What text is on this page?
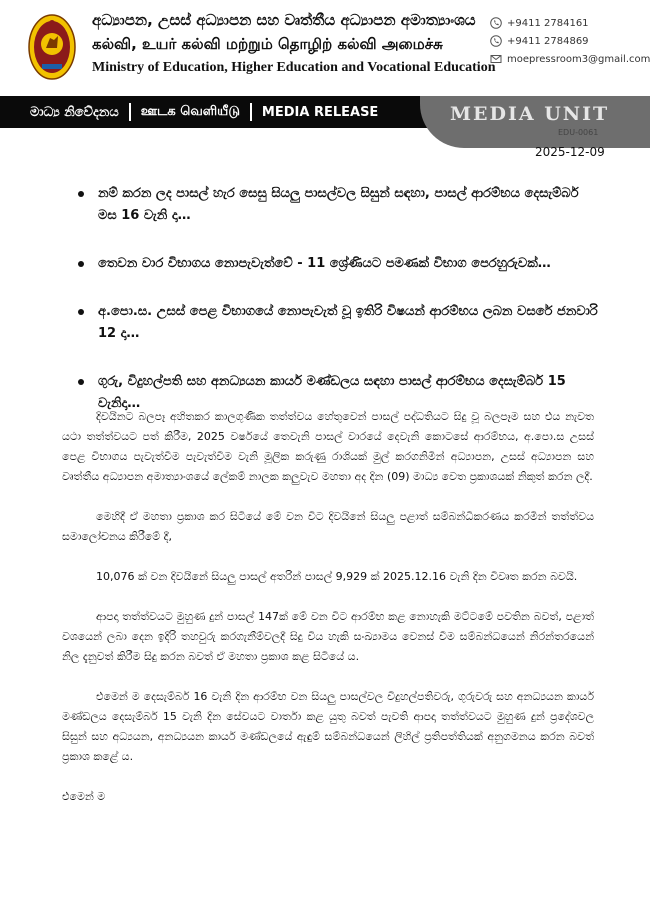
අධ්‍යාපන, උසස් අධ්‍යාපන සහ වෘත්තීය අධ්‍යාපන අමාත්‍යාංශය
கல்வி, உயர் கல்வி மற்றும் தொழிற் கல்வி அமைச்சு
Ministry of Education, Higher Education and Vocational Education
+9411 2784161
+9411 2784869
moepressroom3@gmail.com
මාධ්‍ය නිවේදනය ஊடக வெளியீடு MEDIA RELEASE	MEDIA UNIT
EDU-0061
2025-12-09
නම් කරන ලද පාසල් හැර සෙසු සියලු පාසල්වල සිසුන් සඳහා, පාසල් ආරම්භය දෙසැම්බර් මස 16 වැනි දා…
තෙවන වාර විභාගය නොපැවැත්වේ - 11 ශ්‍රේණියට පමණක් විභාග පෙරහුරුවක්…
අ.පො.ස. උසස් පෙළ විභාගයේ නොපැවැත් වූ ඉතිරි විෂයන් ආරම්භය ලබන වසරේ ජනවාරි 12 දා…
ගුරු, විදුහල්පති සහ අනධ්‍යයන කාර්ය මණ්ඩලය සඳහා පාසල් ආරම්භය දෙසැම්බර් 15 වැනිදා…

දිවයිනට බලපෑ අහිතකර කාලගුණික තත්ත්වය හේතුවෙන් පාසල් පද්ධතියට සිදු වූ බලපෑම සහ එය නැවත යථා තත්ත්වයට පත් කිරීම, 2025 වර්ෂයේ තෙවැනි පාසල් වාරයේ දෙවැනි කොටසේ ආරම්භය, අ.පො.ස උසස් පෙළ විභාගය පැවැත්වීම පැවැත්වීම වැනි මූලික කරුණු රාශියක් මුල් කරගනිමින් අධ්‍යාපන, උසස් අධ්‍යාපන සහ වෘත්තීය අධ්‍යාපන අමාත්‍යාංශයේ ලේකම් නාලක කලුවැව මහතා අද දින (09) මාධ්‍ය වෙත ප්‍රකාශයක් නිකුත් කරන ලදී.

මෙහිදී ඒ මහතා ප්‍රකාශ කර සිටියේ මේ වන විට දිවයිනේ සියලු පළාත් සම්බන්ධීකරණය කරමින් තත්ත්වය සමාලෝචනය කිරීමේ දී,

10,076 ක් වන දිවයිනේ සියලු පාසල් අතරින් පාසල් 9,929 ක් 2025.12.16 වැනි දින විවෘත කරන බවයි.

ආපදා තත්ත්වයට මුහුණ දුන් පාසල් 147ක් මේ වන විට ආරම්භ කළ නොහැකි මට්ටමේ පවතින බවත්, පළාත් වශයෙන් ලබා දෙන ඉදිරි තහවුරු කරගැනීම්වලදී සිදු විය හැකි සංඛ්‍යාමය වෙනස් වීම සම්බන්ධයෙන් නිරන්තරයෙන් නිල දැනුවත් කිරීම සිදු කරන බවත් ඒ මහතා ප්‍රකාශ කළ සිටියේ ය.

එමෙන් ම දෙසැම්බර් 16 වැනි දින ආරම්භ වන සියලු පාසල්වල විදුහල්පතිවරු, ගුරුවරු සහ අනධ්‍යයන කාර්ය මණ්ඩලය දෙසැම්බර් 15 වැනි දින සේවයට වාර්තා කළ යුතු බවත් පැවති ආපදා තත්ත්වයට මුහුණ දුන් ප්‍රදේශවල සිසුන් සහ අධ්‍යයන, අනධ්‍යයන කාර්ය මණ්ඩලයේ ඇඳුම් සම්බන්ධයෙන් ලිහිල් ප්‍රතිපත්තියක් අනුගමනය කරන බවත් ප්‍රකාශ කළේ ය.

එමෙන් ම
